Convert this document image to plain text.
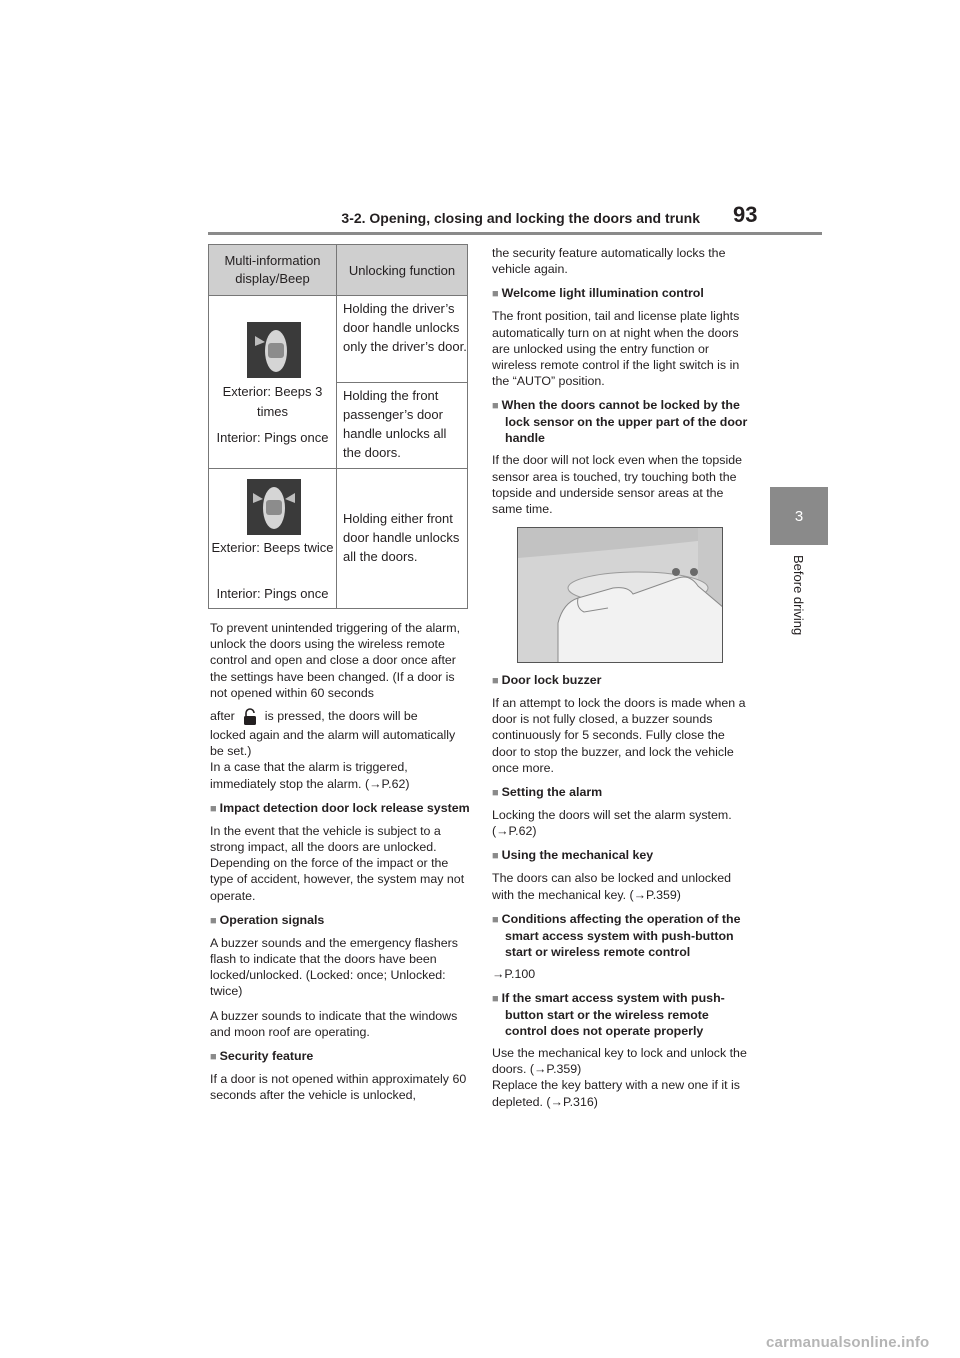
3-2. Opening, closing and locking the doors and trunk 93
3
Before driving
Multi-information display/Beep
Unlocking function
Exterior: Beeps 3 times
Interior: Pings once
Holding the driver’s door handle unlocks only the driver’s door.
Holding the front passenger’s door handle unlocks all the doors.
Exterior: Beeps twice
Interior: Pings once
Holding either front door handle unlocks all the doors.

To prevent unintended triggering of the alarm, unlock the doors using the wireless remote control and open and close a door once after the settings have been changed. (If a door is not opened within 60 seconds

after is pressed, the doors will be

locked again and the alarm will automatically be set.)

In a case that the alarm is triggered, immediately stop the alarm. (→P.62)

■ Impact detection door lock release system

In the event that the vehicle is subject to a strong impact, all the doors are unlocked. Depending on the force of the impact or the type of accident, however, the system may not operate.

■ Operation signals

A buzzer sounds and the emergency flashers flash to indicate that the doors have been locked/unlocked. (Locked: once; Unlocked: twice)

A buzzer sounds to indicate that the windows and moon roof are operating.

■ Security feature

If a door is not opened within approximately 60 seconds after the vehicle is unlocked,

the security feature automatically locks the vehicle again.

■ Welcome light illumination control

The front position, tail and license plate lights automatically turn on at night when the doors are unlocked using the entry function or wireless remote control if the light switch is in the “AUTO” position.

■ When the doors cannot be locked by the lock sensor on the upper part of the door handle

If the door will not lock even when the topside sensor area is touched, try touching both the topside and underside sensor areas at the same time.

■ Door lock buzzer

If an attempt to lock the doors is made when a door is not fully closed, a buzzer sounds continuously for 5 seconds. Fully close the door to stop the buzzer, and lock the vehicle once more.

■ Setting the alarm

Locking the doors will set the alarm system. (→P.62)

■ Using the mechanical key

The doors can also be locked and unlocked with the mechanical key. (→P.359)

■ Conditions affecting the operation of the smart access system with push-button start or wireless remote control

→P.100

■ If the smart access system with push-button start or the wireless remote control does not operate properly

Use the mechanical key to lock and unlock the doors. (→P.359)

Replace the key battery with a new one if it is depleted. (→P.316)

carmanualsonline.info
